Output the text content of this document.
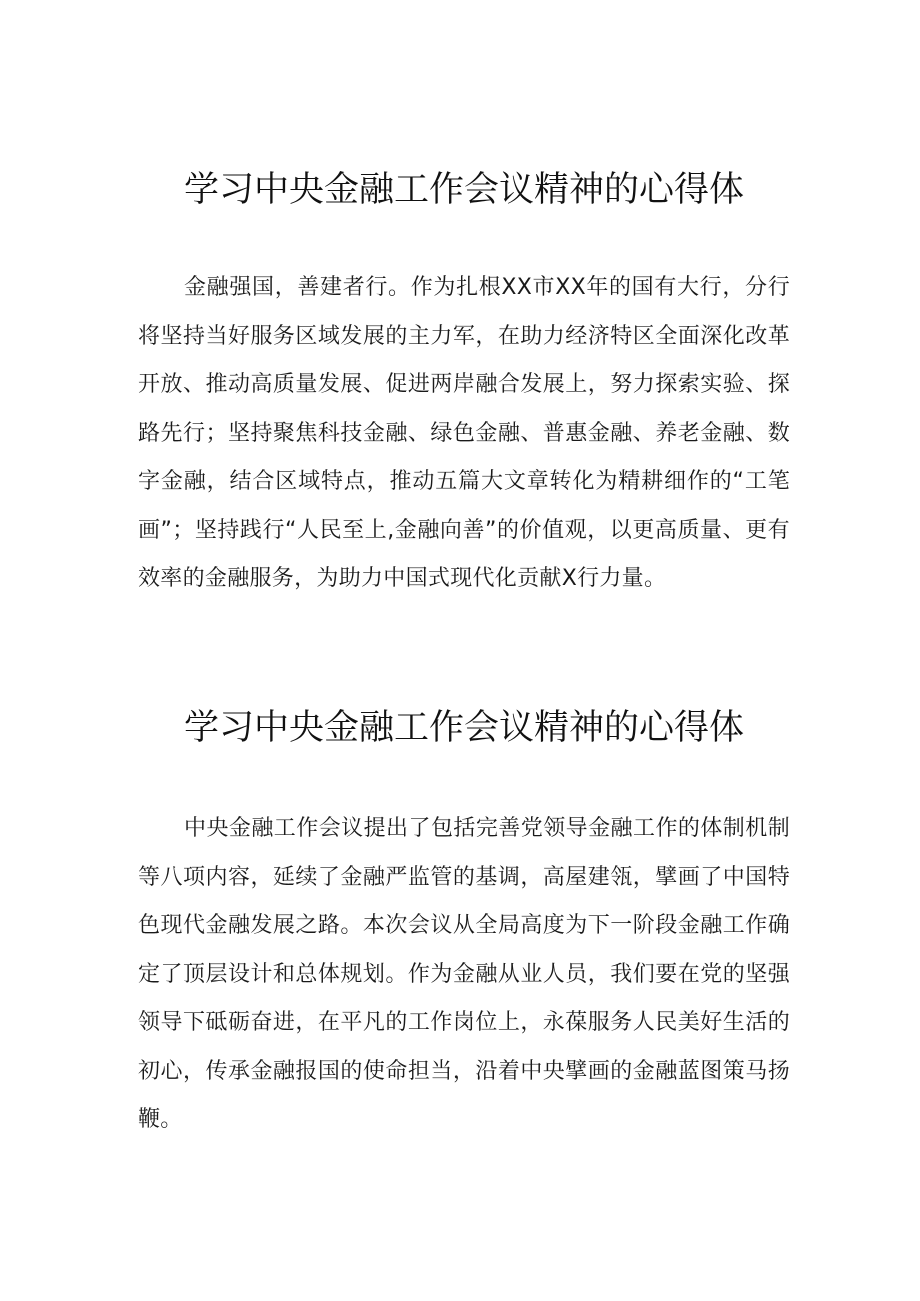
学习中央金融工作会议精神的心得体

金融强国，善建者行。作为扎根XX市XX年的国有大行，分行将坚持当好服务区域发展的主力军，在助力经济特区全面深化改革开放、推动高质量发展、促进两岸融合发展上，努力探索实验、探路先行；坚持聚焦科技金融、绿色金融、普惠金融、养老金融、数字金融，结合区域特点，推动五篇大文章转化为精耕细作的“工笔画”；坚持践行“人民至上,金融向善”的价值观，以更高质量、更有效率的金融服务，为助力中国式现代化贡献X行力量。

学习中央金融工作会议精神的心得体

中央金融工作会议提出了包括完善党领导金融工作的体制机制等八项内容，延续了金融严监管的基调，高屋建瓴，擘画了中国特色现代金融发展之路。本次会议从全局高度为下一阶段金融工作确定了顶层设计和总体规划。作为金融从业人员，我们要在党的坚强领导下砥砺奋进，在平凡的工作岗位上，永葆服务人民美好生活的初心，传承金融报国的使命担当，沿着中央擘画的金融蓝图策马扬鞭。
